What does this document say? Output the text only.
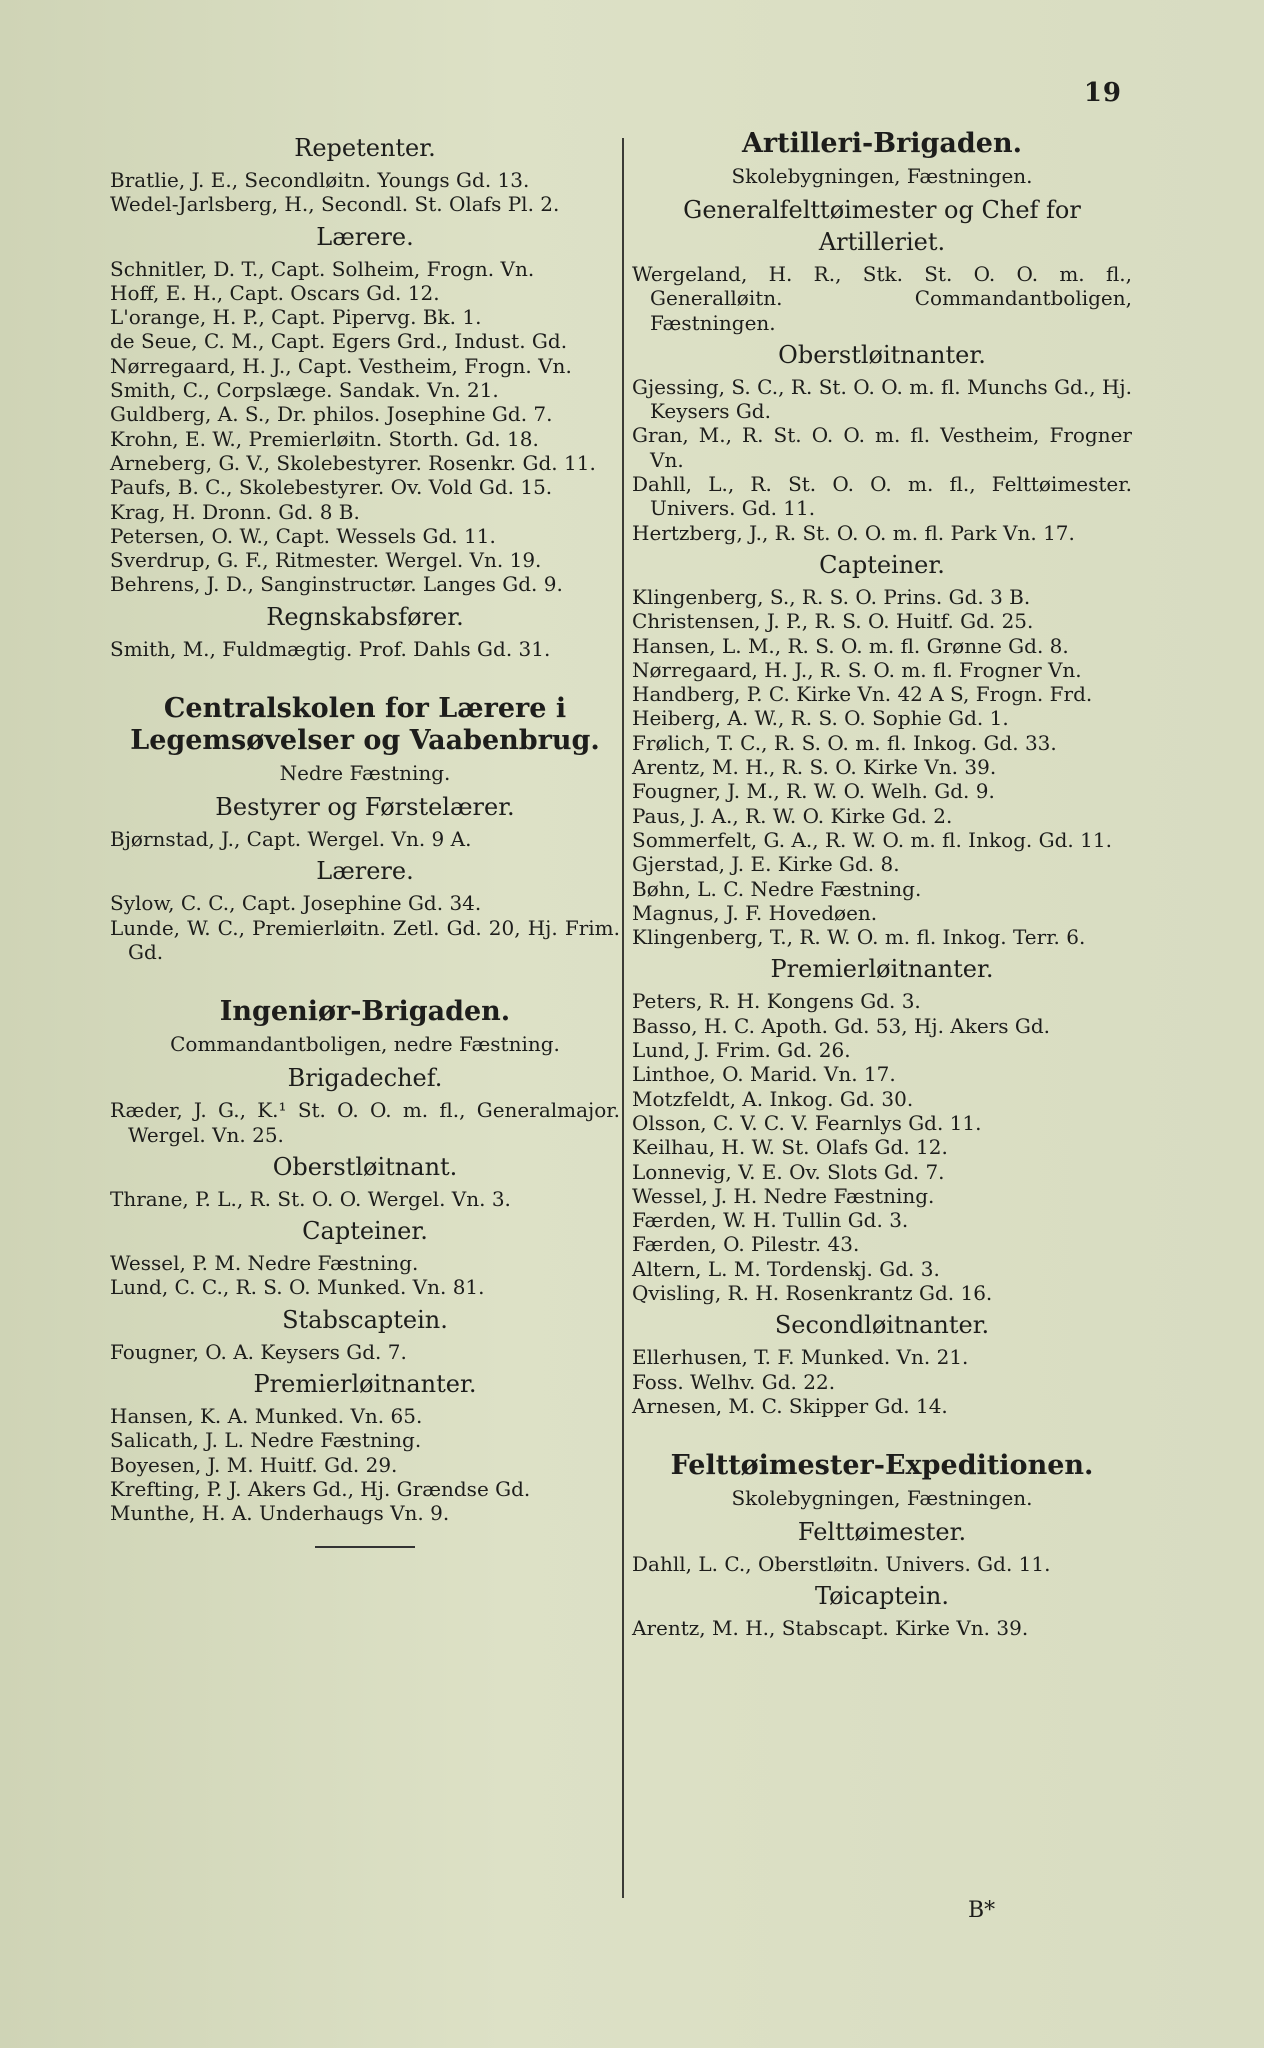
19
Repetenter.

Bratlie, J. E., Secondløitn. Youngs Gd. 13.

Wedel-Jarlsberg, H., Secondl. St. Olafs Pl. 2.

Lærere.

Schnitler, D. T., Capt. Solheim, Frogn. Vn.

Hoff, E. H., Capt. Oscars Gd. 12.

L'orange, H. P., Capt. Pipervg. Bk. 1.

de Seue, C. M., Capt. Egers Grd., Indust. Gd.

Nørregaard, H. J., Capt. Vestheim, Frogn. Vn.

Smith, C., Corpslæge. Sandak. Vn. 21.

Guldberg, A. S., Dr. philos. Josephine Gd. 7.

Krohn, E. W., Premierløitn. Storth. Gd. 18.

Arneberg, G. V., Skolebestyrer. Rosenkr. Gd. 11.

Paufs, B. C., Skolebestyrer. Ov. Vold Gd. 15.

Krag, H. Dronn. Gd. 8 B.

Petersen, O. W., Capt. Wessels Gd. 11.

Sverdrup, G. F., Ritmester. Wergel. Vn. 19.

Behrens, J. D., Sanginstructør. Langes Gd. 9.

Regnskabsfører.

Smith, M., Fuldmægtig. Prof. Dahls Gd. 31.

Centralskolen for Lærere i Legemsøvelser og Vaabenbrug.
Nedre Fæstning.
Bestyrer og Førstelærer.

Bjørnstad, J., Capt. Wergel. Vn. 9 A.

Lærere.

Sylow, C. C., Capt. Josephine Gd. 34.

Lunde, W. C., Premierløitn. Zetl. Gd. 20, Hj. Frim. Gd.

Ingeniør-Brigaden.
Commandantboligen, nedre Fæstning.
Brigadechef.

Ræder, J. G., K.¹ St. O. O. m. fl., Generalmajor. Wergel. Vn. 25.

Oberstløitnant.

Thrane, P. L., R. St. O. O. Wergel. Vn. 3.

Capteiner.

Wessel, P. M. Nedre Fæstning.

Lund, C. C., R. S. O. Munked. Vn. 81.

Stabscaptein.

Fougner, O. A. Keysers Gd. 7.

Premierløitnanter.

Hansen, K. A. Munked. Vn. 65.

Salicath, J. L. Nedre Fæstning.

Boyesen, J. M. Huitf. Gd. 29.

Krefting, P. J. Akers Gd., Hj. Grændse Gd.

Munthe, H. A. Underhaugs Vn. 9.

Artilleri-Brigaden.
Skolebygningen, Fæstningen.
Generalfelttøimester og Chef for Artilleriet.

Wergeland, H. R., Stk. St. O. O. m. fl., Generalløitn. Commandantboligen, Fæstningen.

Oberstløitnanter.

Gjessing, S. C., R. St. O. O. m. fl. Munchs Gd., Hj. Keysers Gd.

Gran, M., R. St. O. O. m. fl. Vestheim, Frogner Vn.

Dahll, L., R. St. O. O. m. fl., Felttøimester. Univers. Gd. 11.

Hertzberg, J., R. St. O. O. m. fl. Park Vn. 17.

Capteiner.

Klingenberg, S., R. S. O. Prins. Gd. 3 B.

Christensen, J. P., R. S. O. Huitf. Gd. 25.

Hansen, L. M., R. S. O. m. fl. Grønne Gd. 8.

Nørregaard, H. J., R. S. O. m. fl. Frogner Vn.

Handberg, P. C. Kirke Vn. 42 A S, Frogn. Frd.

Heiberg, A. W., R. S. O. Sophie Gd. 1.

Frølich, T. C., R. S. O. m. fl. Inkog. Gd. 33.

Arentz, M. H., R. S. O. Kirke Vn. 39.

Fougner, J. M., R. W. O. Welh. Gd. 9.

Paus, J. A., R. W. O. Kirke Gd. 2.

Sommerfelt, G. A., R. W. O. m. fl. Inkog. Gd. 11.

Gjerstad, J. E. Kirke Gd. 8.

Bøhn, L. C. Nedre Fæstning.

Magnus, J. F. Hovedøen.

Klingenberg, T., R. W. O. m. fl. Inkog. Terr. 6.

Premierløitnanter.

Peters, R. H. Kongens Gd. 3.

Basso, H. C. Apoth. Gd. 53, Hj. Akers Gd.

Lund, J. Frim. Gd. 26.

Linthoe, O. Marid. Vn. 17.

Motzfeldt, A. Inkog. Gd. 30.

Olsson, C. V. C. V. Fearnlys Gd. 11.

Keilhau, H. W. St. Olafs Gd. 12.

Lonnevig, V. E. Ov. Slots Gd. 7.

Wessel, J. H. Nedre Fæstning.

Færden, W. H. Tullin Gd. 3.

Færden, O. Pilestr. 43.

Altern, L. M. Tordenskj. Gd. 3.

Qvisling, R. H. Rosenkrantz Gd. 16.

Secondløitnanter.

Ellerhusen, T. F. Munked. Vn. 21.

Foss. Welhv. Gd. 22.

Arnesen, M. C. Skipper Gd. 14.

Felttøimester-Expeditionen.
Skolebygningen, Fæstningen.
Felttøimester.

Dahll, L. C., Oberstløitn. Univers. Gd. 11.

Tøicaptein.

Arentz, M. H., Stabscapt. Kirke Vn. 39.

B*
